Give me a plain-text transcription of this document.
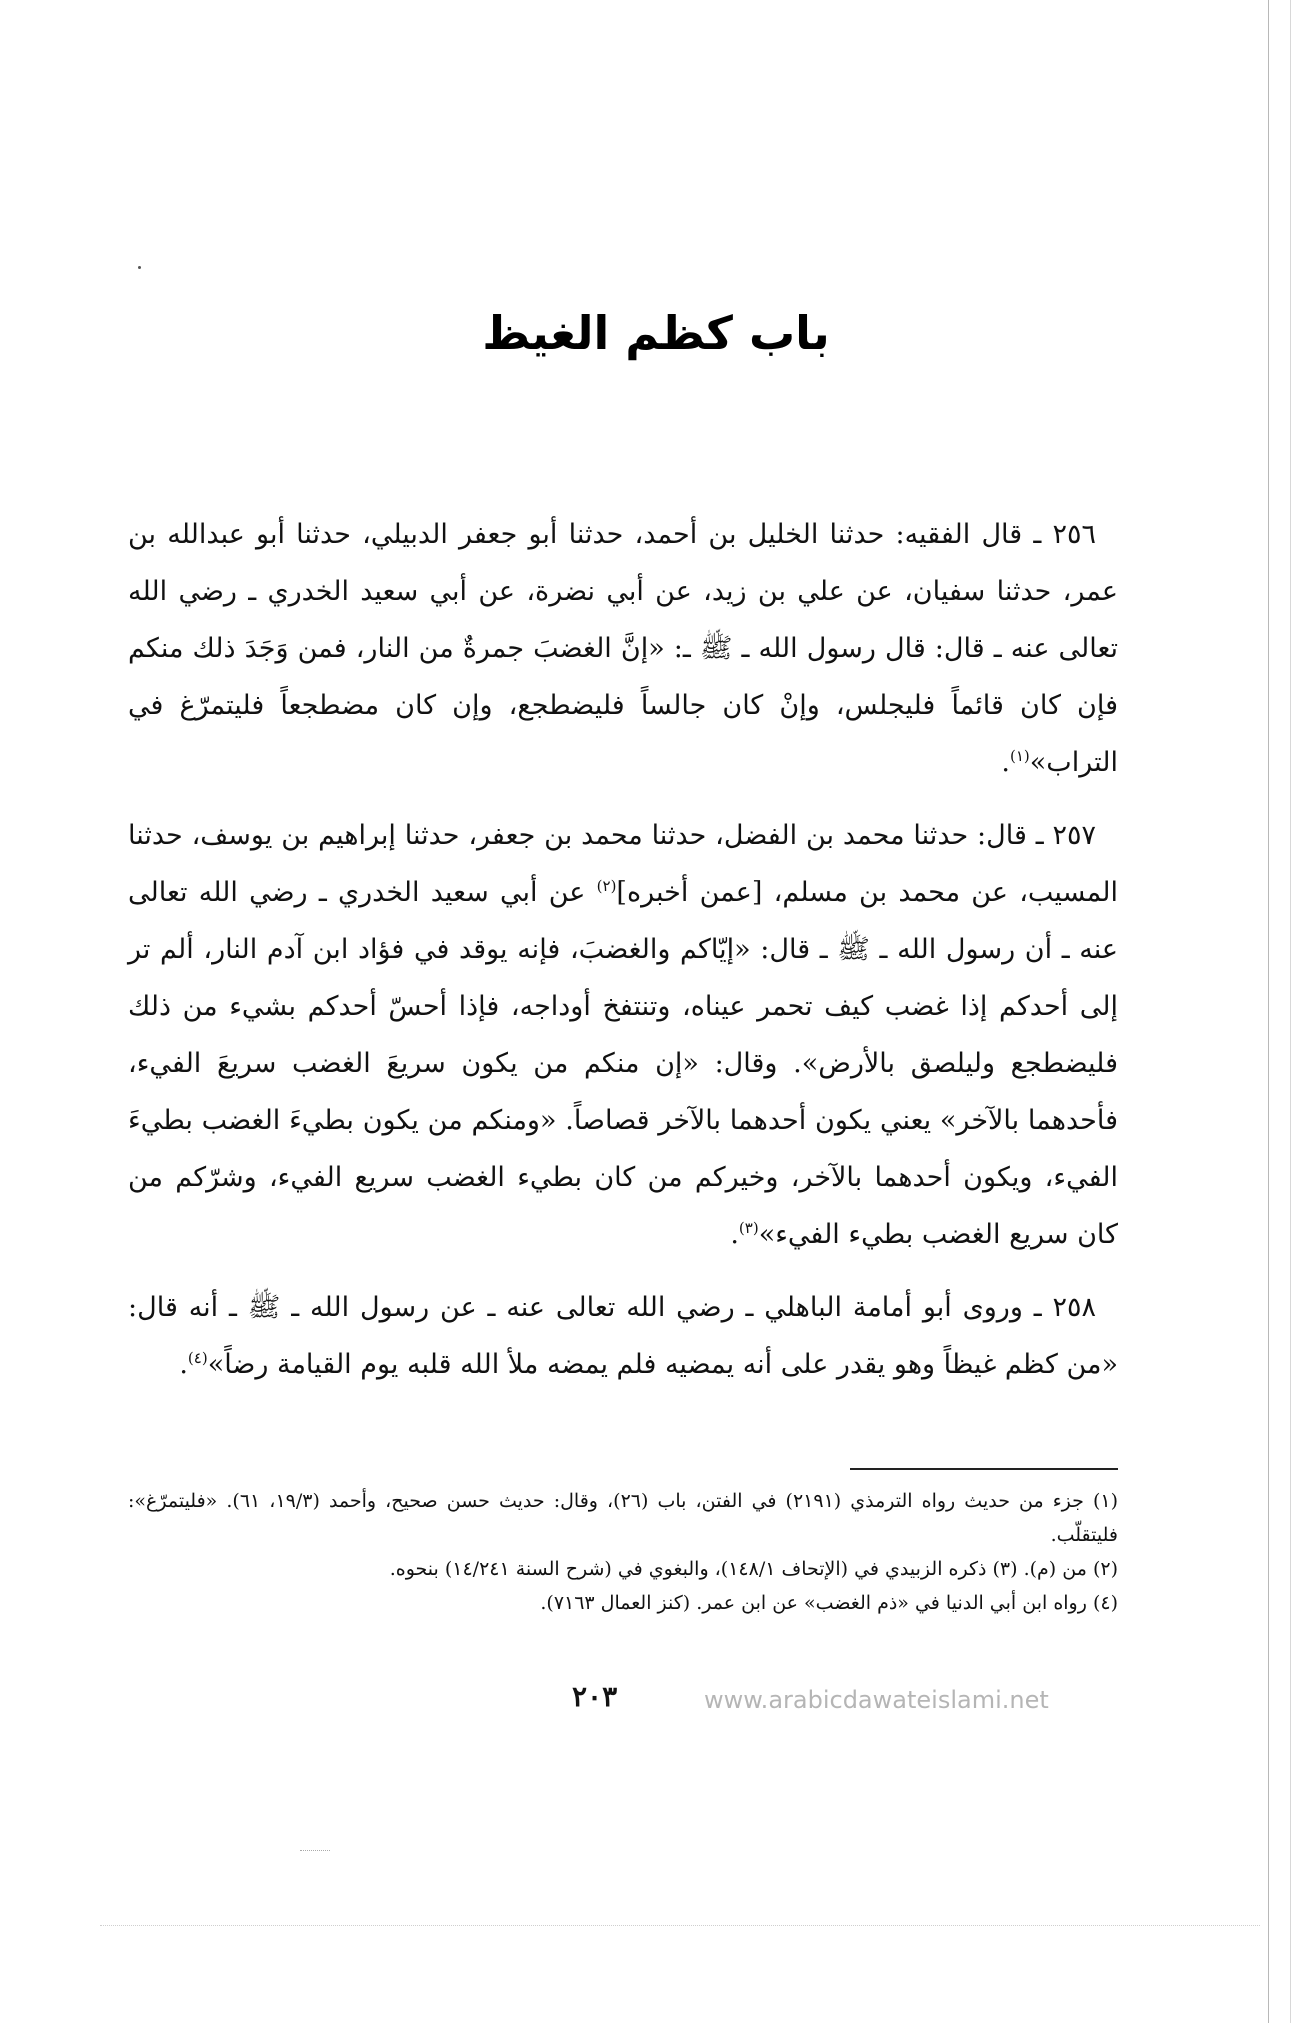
باب كظم الغيظ

٢٥٦ ـ قال الفقيه: حدثنا الخليل بن أحمد، حدثنا أبو جعفر الدبيلي، حدثنا أبو عبدالله بن عمر، حدثنا سفيان، عن علي بن زيد، عن أبي نضرة، عن أبي سعيد الخدري ـ رضي الله تعالى عنه ـ قال: قال رسول الله ـ ﷺ ـ: «إنَّ الغضبَ جمرةٌ من النار، فمن وَجَدَ ذلك منكم فإن كان قائماً فليجلس، وإنْ كان جالساً فليضطجع، وإن كان مضطجعاً فليتمرّغ في التراب»$^{(١)}$.

٢٥٧ ـ قال: حدثنا محمد بن الفضل، حدثنا محمد بن جعفر، حدثنا إبراهيم بن يوسف، حدثنا المسيب، عن محمد بن مسلم، [عمن أخبره]$^{(٢)}$ عن أبي سعيد الخدري ـ رضي الله تعالى عنه ـ أن رسول الله ـ ﷺ ـ قال: «إيّاكم والغضبَ، فإنه يوقد في فؤاد ابن آدم النار، ألم تر إلى أحدكم إذا غضب كيف تحمر عيناه، وتنتفخ أوداجه، فإذا أحسّ أحدكم بشيء من ذلك فليضطجع وليلصق بالأرض». وقال: «إن منكم من يكون سريعَ الغضب سريعَ الفيء، فأحدهما بالآخر» يعني يكون أحدهما بالآخر قصاصاً. «ومنكم من يكون بطيءَ الغضب بطيءَ الفيء، ويكون أحدهما بالآخر، وخيركم من كان بطيء الغضب سريع الفيء، وشرّكم من كان سريع الغضب بطيء الفيء»$^{(٣)}$.

٢٥٨ ـ وروى أبو أمامة الباهلي ـ رضي الله تعالى عنه ـ عن رسول الله ـ ﷺ ـ أنه قال: «من كظم غيظاً وهو يقدر على أنه يمضيه فلم يمضه ملأ الله قلبه يوم القيامة رضاً»$^{(٤)}$.

(١) جزء من حديث رواه الترمذي (٢١٩١) في الفتن، باب (٢٦)، وقال: حديث حسن صحيح، وأحمد (١٩/٣، ٦١). «فليتمرّغ»: فليتقلّب.

(٢) من (م). (٣) ذكره الزبيدي في (الإتحاف ١٤٨/١)، والبغوي في (شرح السنة ١٤/٢٤١) بنحوه.

(٤) رواه ابن أبي الدنيا في «ذم الغضب» عن ابن عمر. (كنز العمال ٧١٦٣).

٢٠٣	www.arabicdawateislami.net
